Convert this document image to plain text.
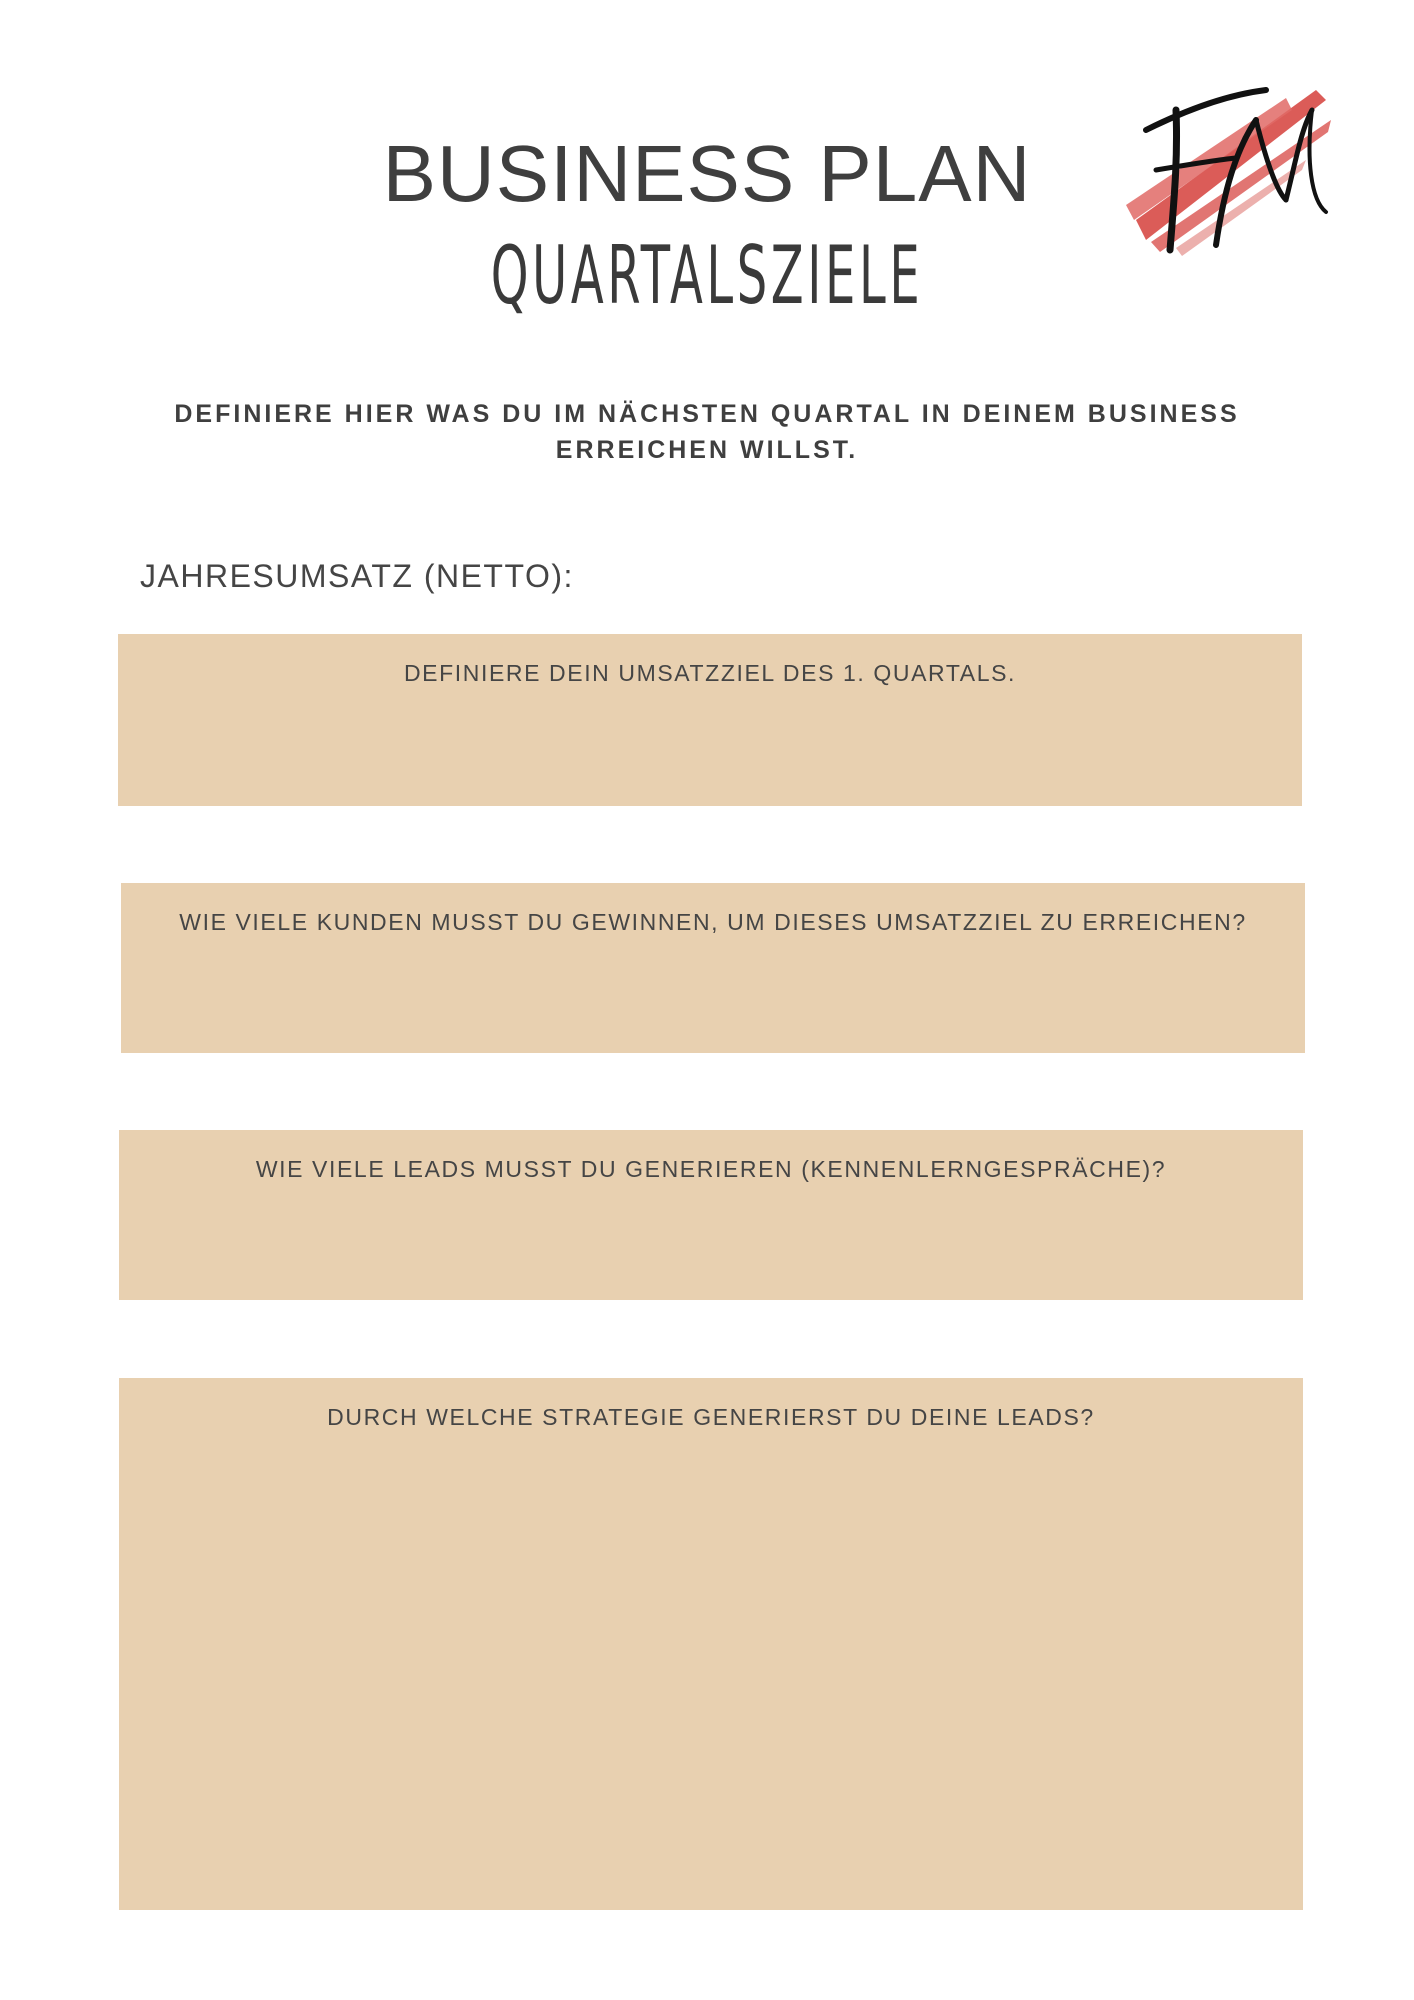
BUSINESS PLAN
QUARTALSZIELE
DEFINIERE HIER WAS DU IM NÄCHSTEN QUARTAL IN DEINEM BUSINESS ERREICHEN WILLST.
JAHRESUMSATZ (NETTO):
DEFINIERE DEIN UMSATZZIEL DES 1. QUARTALS.
WIE VIELE KUNDEN MUSST DU GEWINNEN, UM DIESES UMSATZZIEL ZU ERREICHEN?
WIE VIELE LEADS MUSST DU GENERIEREN (KENNENLERNGESPRÄCHE)?
DURCH WELCHE STRATEGIE GENERIERST DU DEINE LEADS?
